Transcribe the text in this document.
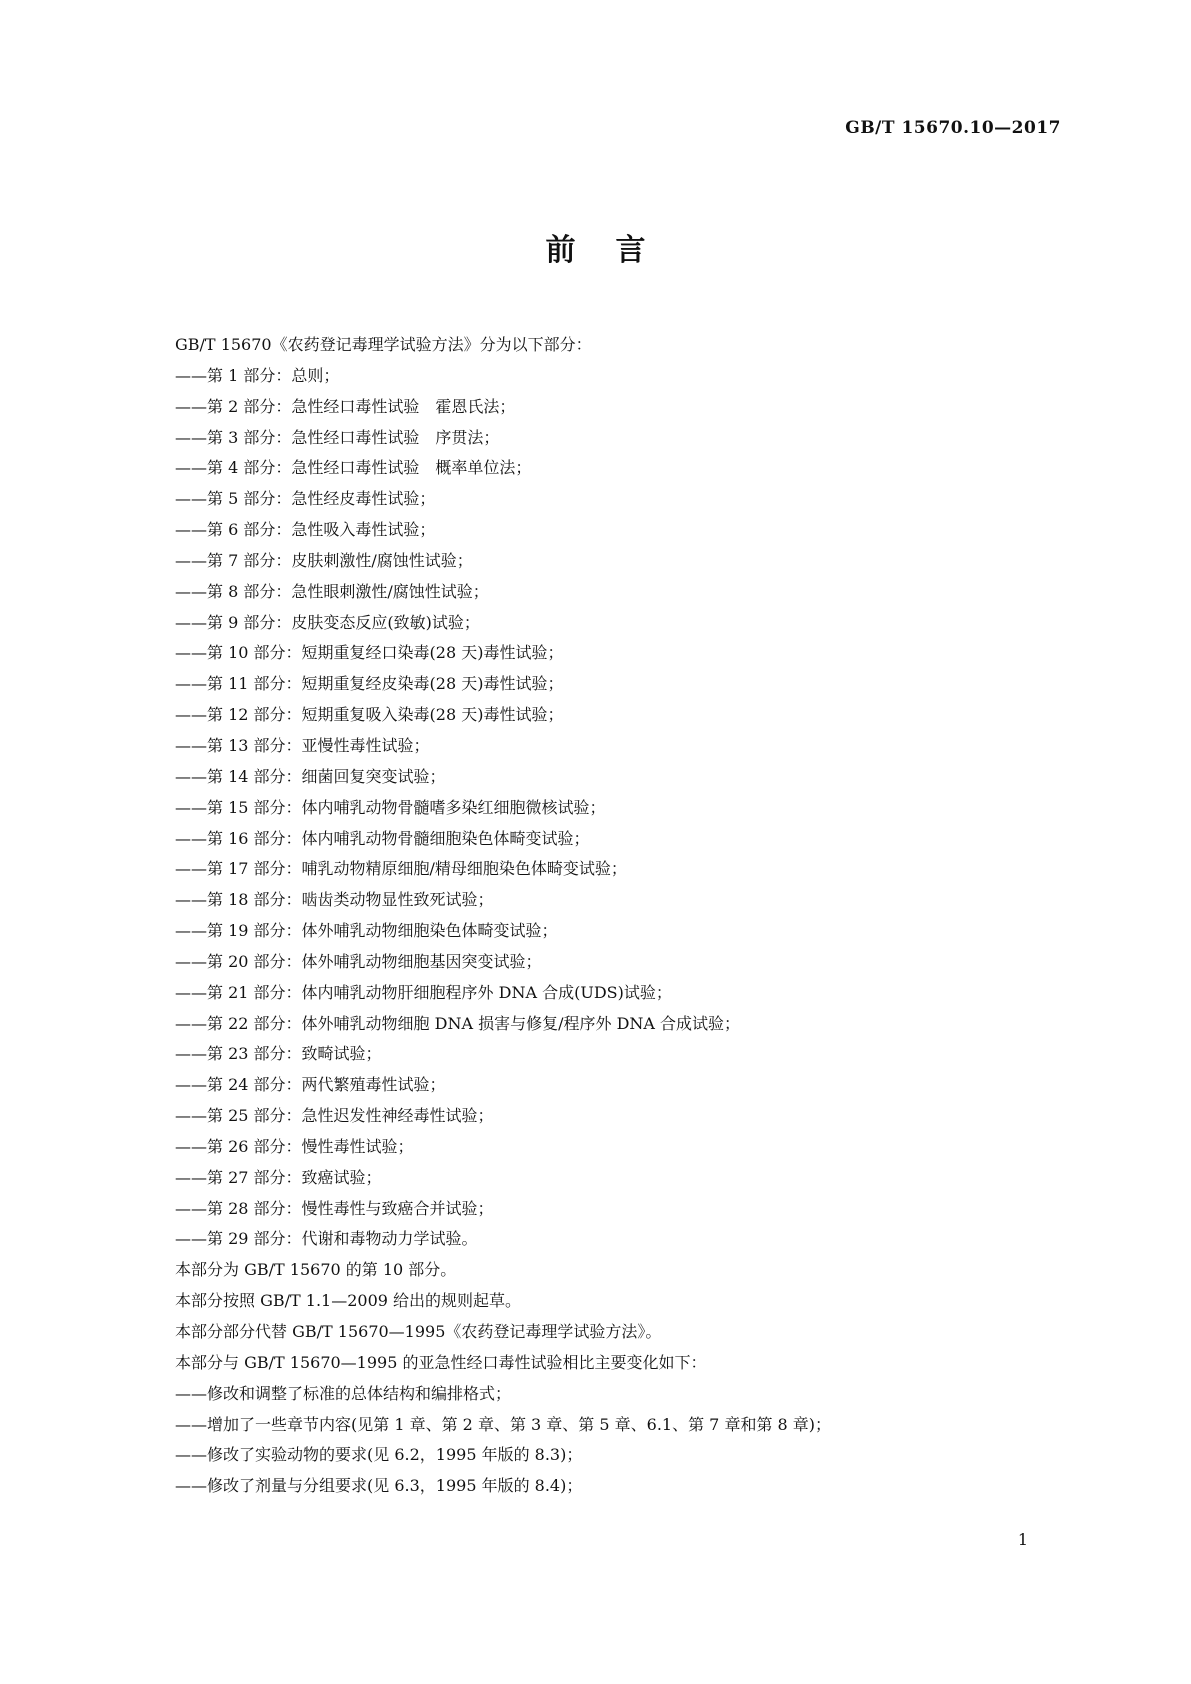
GB/T 15670.10—2017
前言

GB/T 15670《农药登记毒理学试验方法》分为以下部分：

——第 1 部分：总则；

——第 2 部分：急性经口毒性试验　霍恩氏法；

——第 3 部分：急性经口毒性试验　序贯法；

——第 4 部分：急性经口毒性试验　概率单位法；

——第 5 部分：急性经皮毒性试验；

——第 6 部分：急性吸入毒性试验；

——第 7 部分：皮肤刺激性/腐蚀性试验；

——第 8 部分：急性眼刺激性/腐蚀性试验；

——第 9 部分：皮肤变态反应(致敏)试验；

——第 10 部分：短期重复经口染毒(28 天)毒性试验；

——第 11 部分：短期重复经皮染毒(28 天)毒性试验；

——第 12 部分：短期重复吸入染毒(28 天)毒性试验；

——第 13 部分：亚慢性毒性试验；

——第 14 部分：细菌回复突变试验；

——第 15 部分：体内哺乳动物骨髓嗜多染红细胞微核试验；

——第 16 部分：体内哺乳动物骨髓细胞染色体畸变试验；

——第 17 部分：哺乳动物精原细胞/精母细胞染色体畸变试验；

——第 18 部分：啮齿类动物显性致死试验；

——第 19 部分：体外哺乳动物细胞染色体畸变试验；

——第 20 部分：体外哺乳动物细胞基因突变试验；

——第 21 部分：体内哺乳动物肝细胞程序外 DNA 合成(UDS)试验；

——第 22 部分：体外哺乳动物细胞 DNA 损害与修复/程序外 DNA 合成试验；

——第 23 部分：致畸试验；

——第 24 部分：两代繁殖毒性试验；

——第 25 部分：急性迟发性神经毒性试验；

——第 26 部分：慢性毒性试验；

——第 27 部分：致癌试验；

——第 28 部分：慢性毒性与致癌合并试验；

——第 29 部分：代谢和毒物动力学试验。

本部分为 GB/T 15670 的第 10 部分。

本部分按照 GB/T 1.1—2009 给出的规则起草。

本部分部分代替 GB/T 15670—1995《农药登记毒理学试验方法》。

本部分与 GB/T 15670—1995 的亚急性经口毒性试验相比主要变化如下：

——修改和调整了标准的总体结构和编排格式；

——增加了一些章节内容(见第 1 章、第 2 章、第 3 章、第 5 章、6.1、第 7 章和第 8 章)；

——修改了实验动物的要求(见 6.2，1995 年版的 8.3)；

——修改了剂量与分组要求(见 6.3，1995 年版的 8.4)；

1
